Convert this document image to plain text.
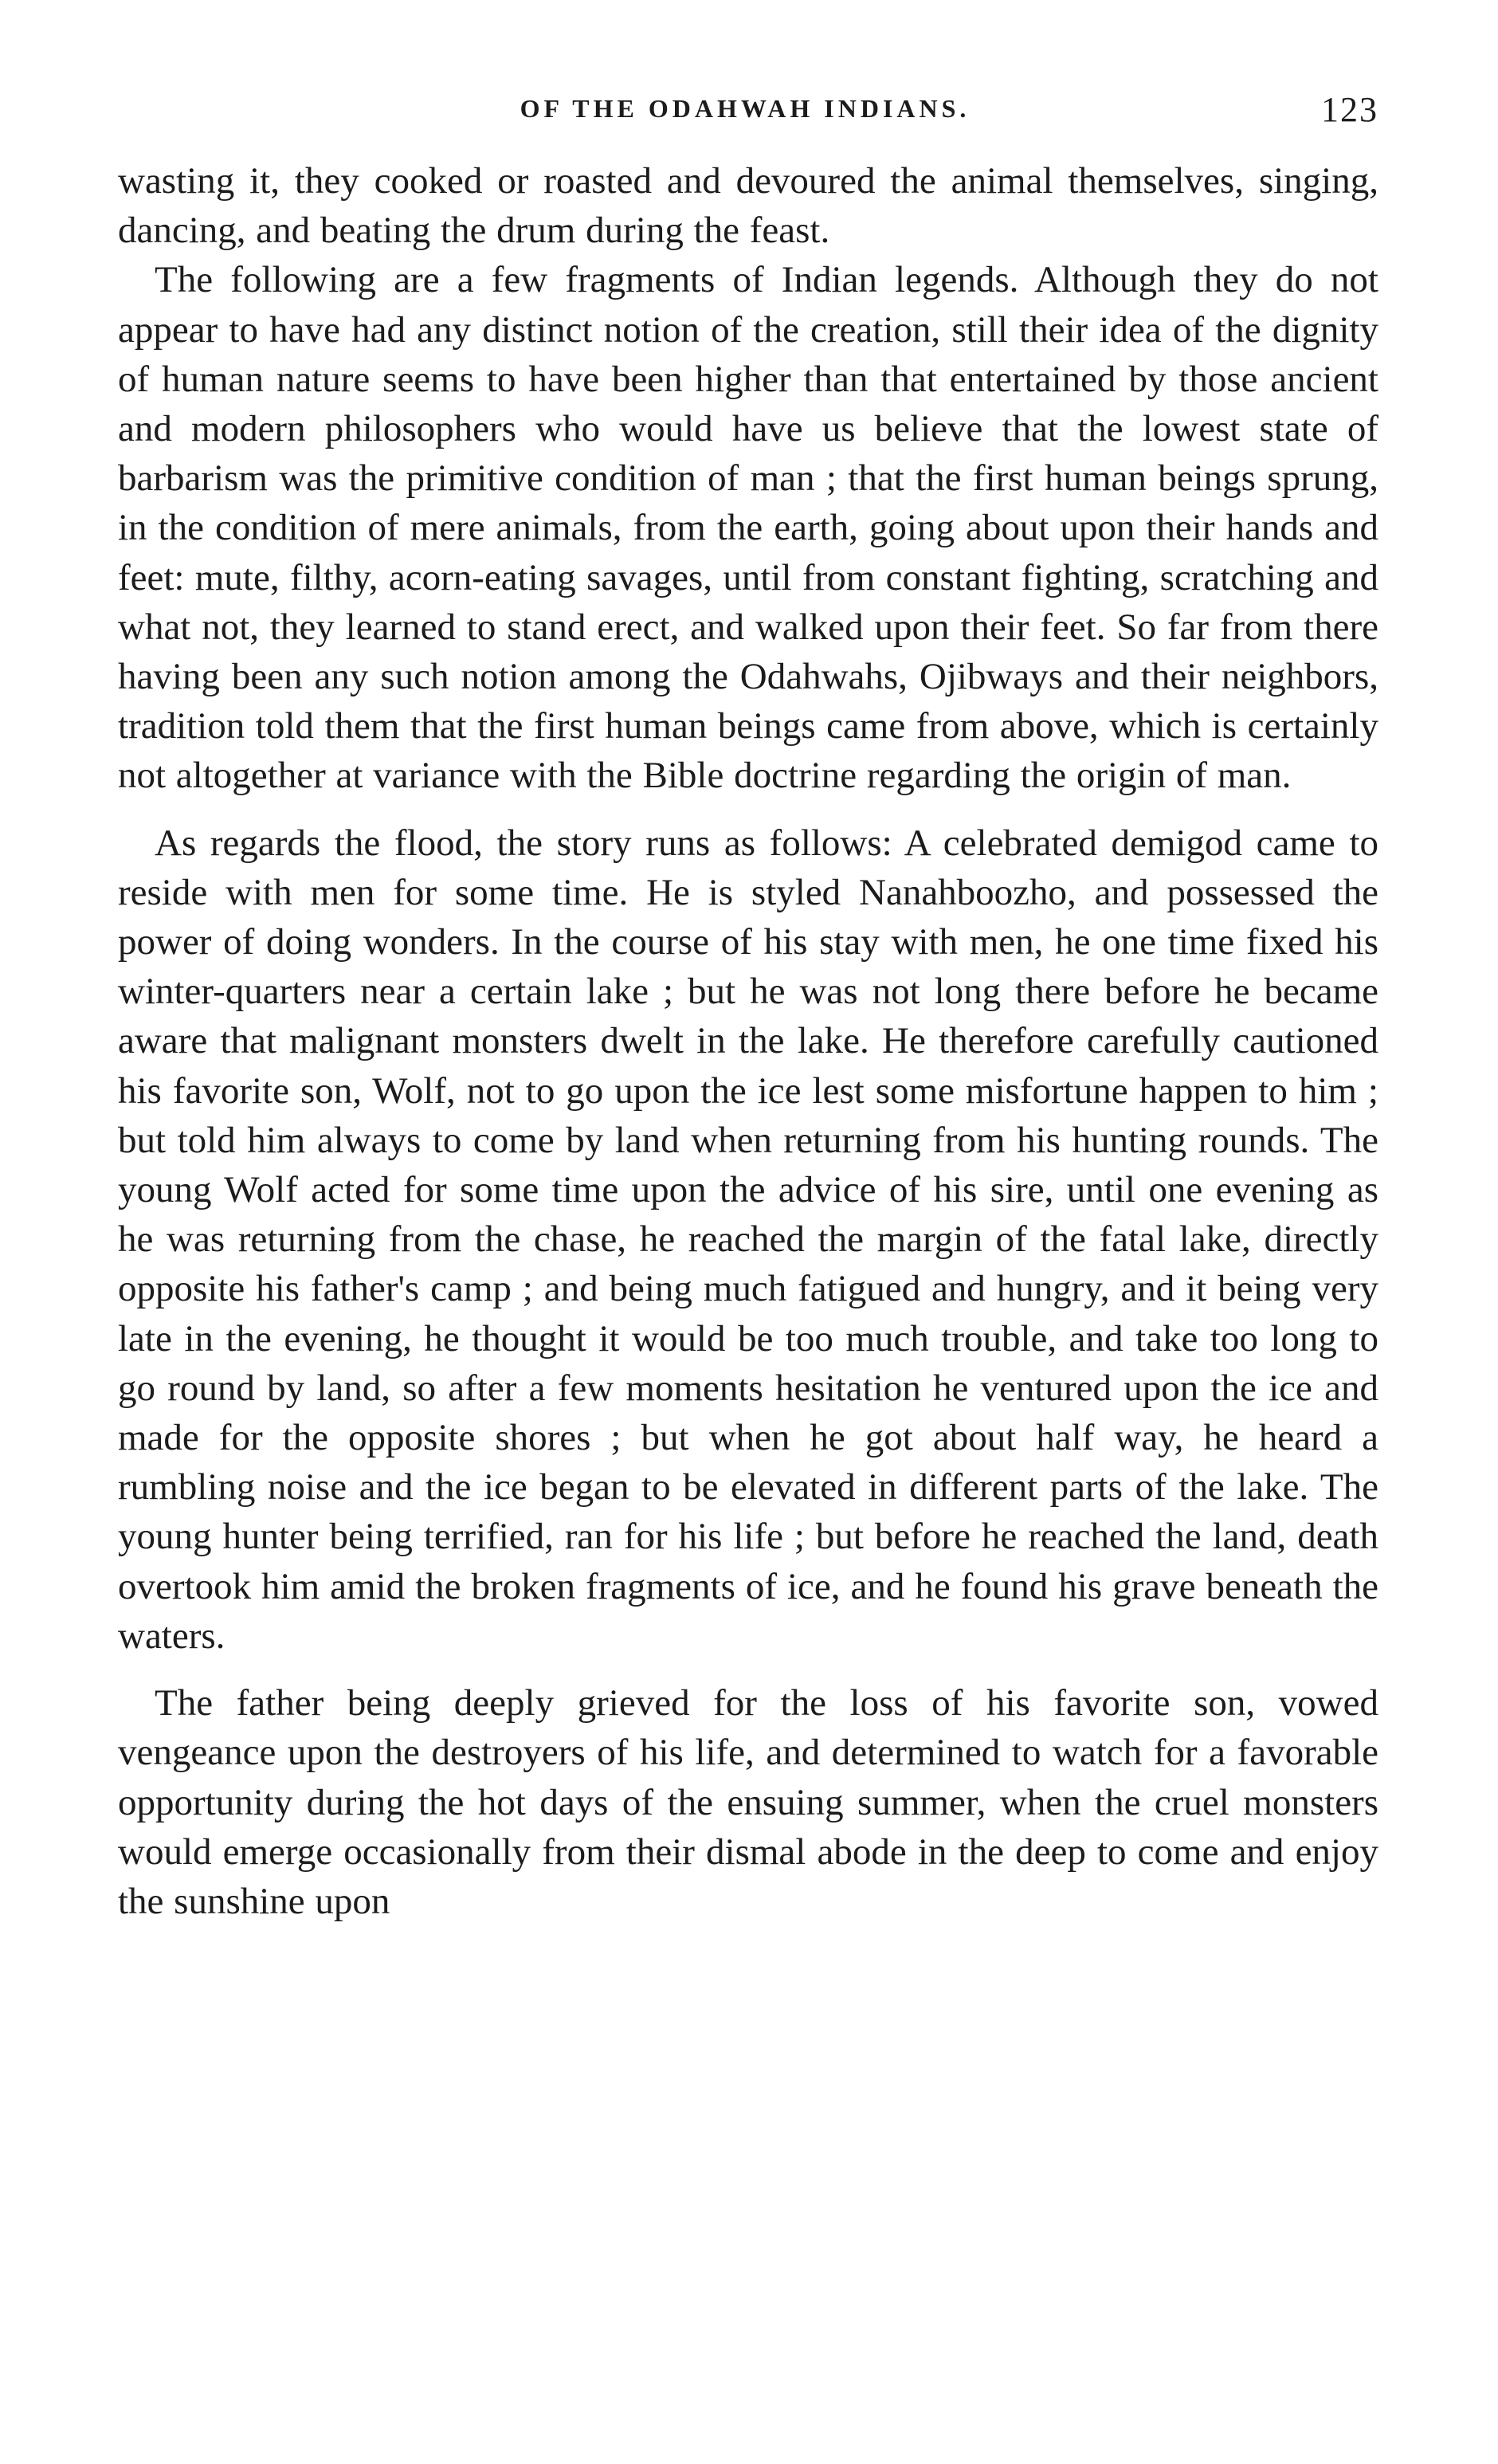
OF THE ODAHWAH INDIANS.	123

wasting it, they cooked or roasted and devoured the animal themselves, singing, dancing, and beating the drum during the feast.

The following are a few fragments of Indian legends. Although they do not appear to have had any distinct notion of the creation, still their idea of the dignity of human nature seems to have been higher than that entertained by those ancient and modern philosophers who would have us believe that the lowest state of barbarism was the primitive condition of man ; that the first human beings sprung, in the condition of mere animals, from the earth, going about upon their hands and feet: mute, filthy, acorn-eating savages, until from constant fighting, scratching and what not, they learned to stand erect, and walked upon their feet. So far from there having been any such notion among the Odahwahs, Ojibways and their neighbors, tradition told them that the first human beings came from above, which is certainly not altogether at variance with the Bible doctrine regarding the origin of man.

As regards the flood, the story runs as follows: A celebrated demigod came to reside with men for some time. He is styled Nanahboozho, and possessed the power of doing wonders. In the course of his stay with men, he one time fixed his winter-quarters near a certain lake ; but he was not long there before he became aware that malignant monsters dwelt in the lake. He therefore carefully cautioned his favorite son, Wolf, not to go upon the ice lest some misfortune happen to him ; but told him always to come by land when returning from his hunting rounds. The young Wolf acted for some time upon the advice of his sire, until one evening as he was returning from the chase, he reached the margin of the fatal lake, directly opposite his father's camp ; and being much fatigued and hungry, and it being very late in the evening, he thought it would be too much trouble, and take too long to go round by land, so after a few moments hesitation he ventured upon the ice and made for the opposite shores ; but when he got about half way, he heard a rumbling noise and the ice began to be elevated in different parts of the lake. The young hunter being terrified, ran for his life ; but before he reached the land, death overtook him amid the broken fragments of ice, and he found his grave beneath the waters.

The father being deeply grieved for the loss of his favorite son, vowed vengeance upon the destroyers of his life, and determined to watch for a favorable opportunity during the hot days of the ensuing summer, when the cruel monsters would emerge occasionally from their dismal abode in the deep to come and enjoy the sunshine upon
